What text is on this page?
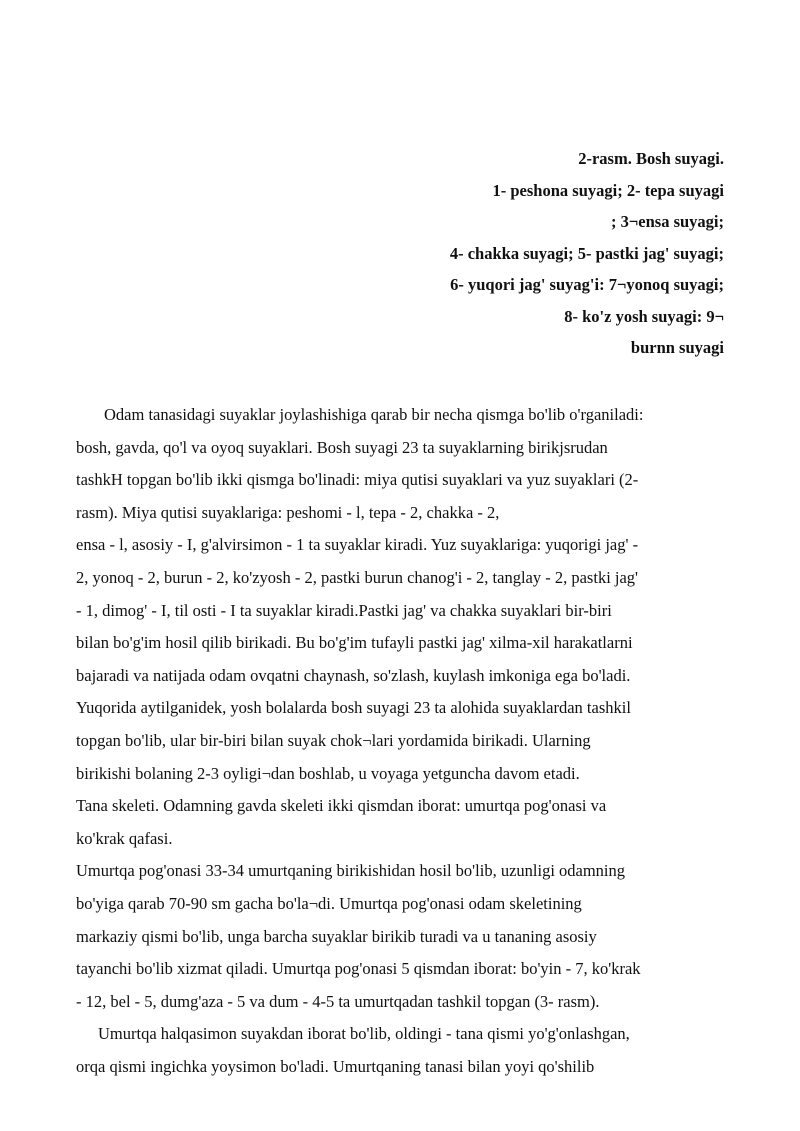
2-rasm. Bosh suyagi.
1- peshona suyagi; 2- tepa suyagi
; 3¬ensa suyagi;
4- chakka suyagi; 5- pastki jag' suyagi;
6- yuqori jag' suyag'i: 7¬yonoq suyagi;
8- ko'z yosh suyagi: 9¬
burnn suyagi
Odam tanasidagi suyaklar joylashishiga qarab bir necha qismga bo'lib o'rganiladi:
bosh, gavda, qo'l va oyoq suyaklari. Bosh suyagi 23 ta suyaklarning birikjsrudan
tashkH topgan bo'lib ikki qismga bo'linadi: miya qutisi suyaklari va yuz suyaklari (2-
rasm). Miya qutisi suyaklariga: peshomi - l, tepa - 2, chakka - 2,
ensa - l, asosiy - I, g'alvirsimon - 1 ta suyaklar kiradi. Yuz suyaklariga: yuqorigi jag' -
2, yonoq - 2, burun - 2, ko'zyosh - 2, pastki burun chanog'i - 2, tanglay - 2, pastki jag'
- 1, dimog' - I, til osti - I ta suyaklar kiradi.Pastki jag' va chakka suyaklari bir-biri
bilan bo'g'im hosil qilib birikadi. Bu bo'g'im tufayli pastki jag' xilma-xil harakatlarni
bajaradi va natijada odam ovqatni chaynash, so'zlash, kuylash imkoniga ega bo'ladi.
Yuqorida aytilganidek, yosh bolalarda bosh suyagi 23 ta alohida suyaklardan tashkil
topgan bo'lib, ular bir-biri bilan suyak chok¬lari yordamida birikadi. Ularning
birikishi bolaning 2-3 oyligi¬dan boshlab, u voyaga yetguncha davom etadi.
Tana skeleti. Odamning gavda skeleti ikki qismdan iborat: umurtqa pog'onasi va
ko'krak qafasi.
Umurtqa pog'onasi 33-34 umurtqaning birikishidan hosil bo'lib, uzunligi odamning
bo'yiga qarab 70-90 sm gacha bo'la¬di. Umurtqa pog'onasi odam skeletining
markaziy qismi bo'lib, unga barcha suyaklar birikib turadi va u tananing asosiy
tayanchi bo'lib xizmat qiladi. Umurtqa pog'onasi 5 qismdan iborat: bo'yin - 7, ko'krak
- 12, bel - 5, dumg'aza - 5 va dum - 4-5 ta umurtqadan tashkil topgan (3- rasm).
Umurtqa halqasimon suyakdan iborat bo'lib, oldingi - tana qismi yo'g'onlashgan,
orqa qismi ingichka yoysimon bo'ladi. Umurtqaning tanasi bilan yoyi qo'shilib
